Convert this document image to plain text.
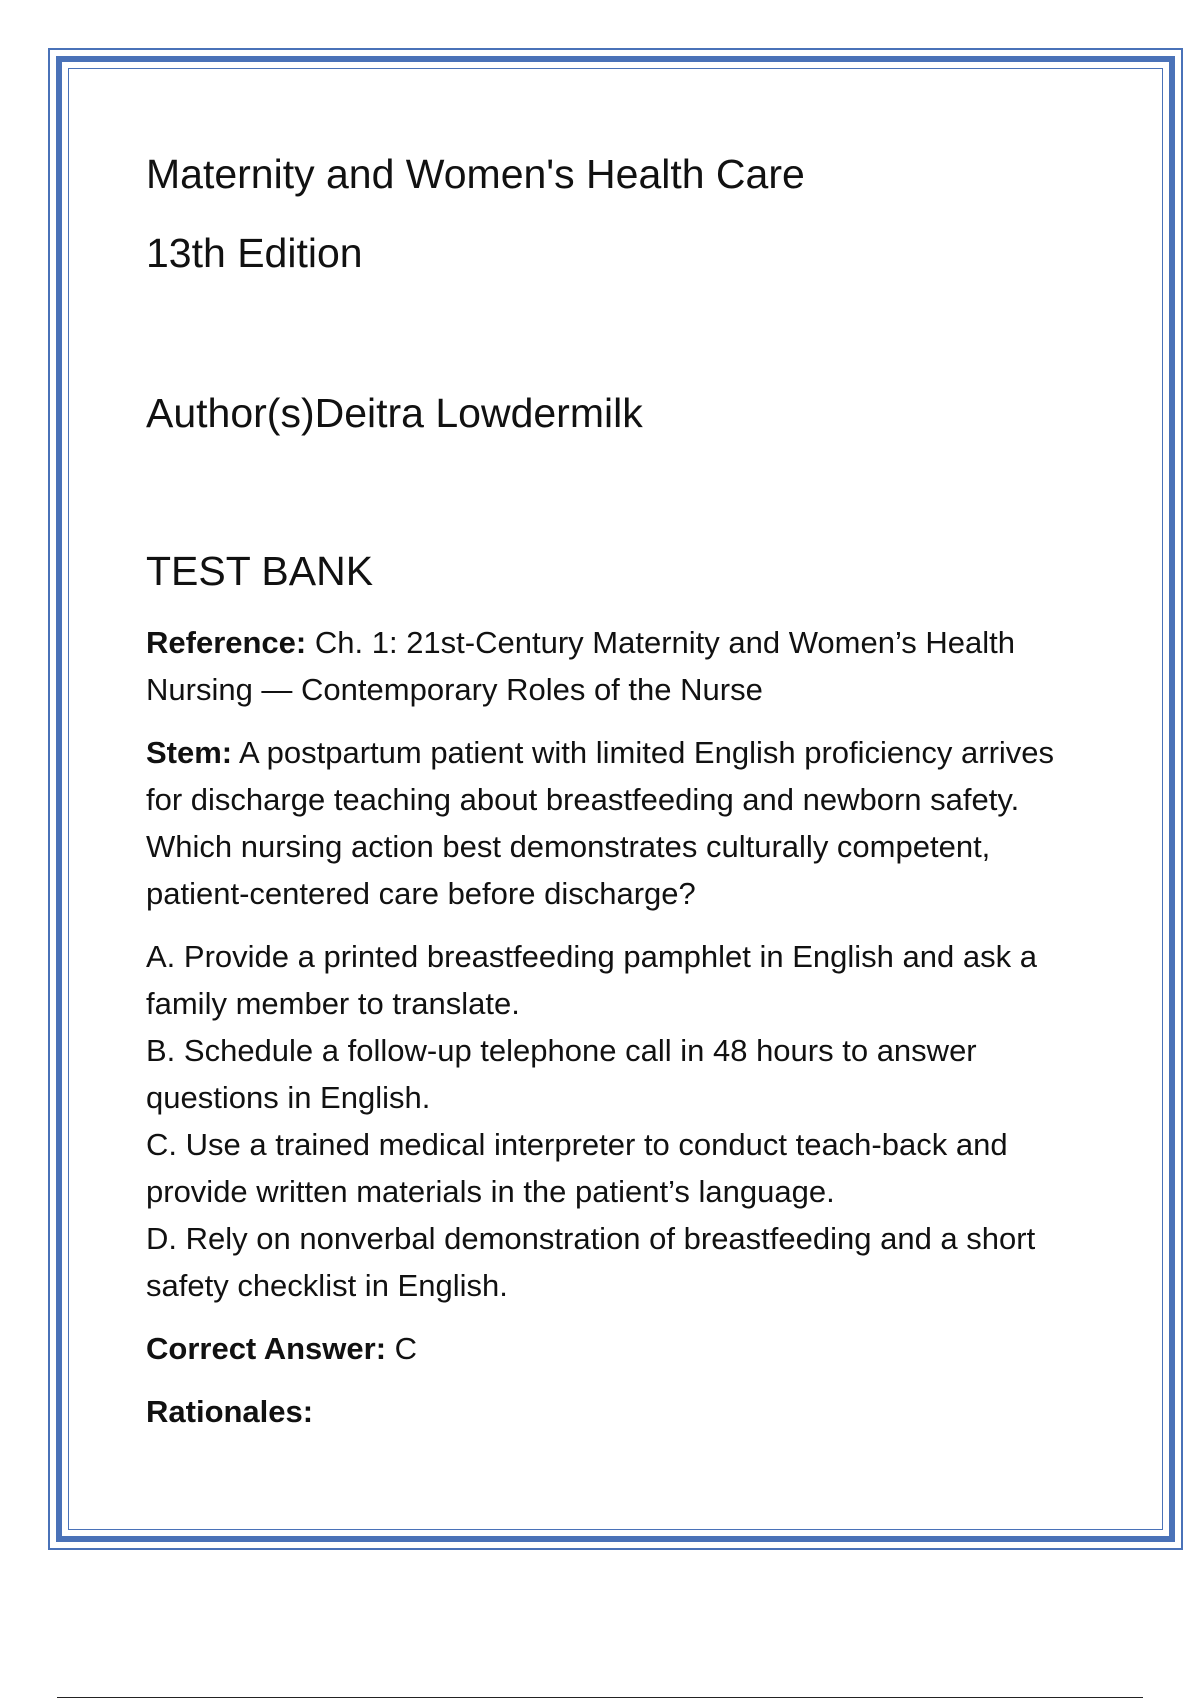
Maternity and Women's Health Care

13th Edition

Author(s)Deitra Lowdermilk

TEST BANK

Reference: Ch. 1: 21st-Century Maternity and Women’s Health Nursing — Contemporary Roles of the Nurse

Stem: A postpartum patient with limited English proficiency arrives for discharge teaching about breastfeeding and newborn safety. Which nursing action best demonstrates culturally competent, patient-centered care before discharge?

A. Provide a printed breastfeeding pamphlet in English and ask a family member to translate.

B. Schedule a follow-up telephone call in 48 hours to answer questions in English.

C. Use a trained medical interpreter to conduct teach-back and provide written materials in the patient’s language.

D. Rely on nonverbal demonstration of breastfeeding and a short safety checklist in English.

Correct Answer: C

Rationales:
